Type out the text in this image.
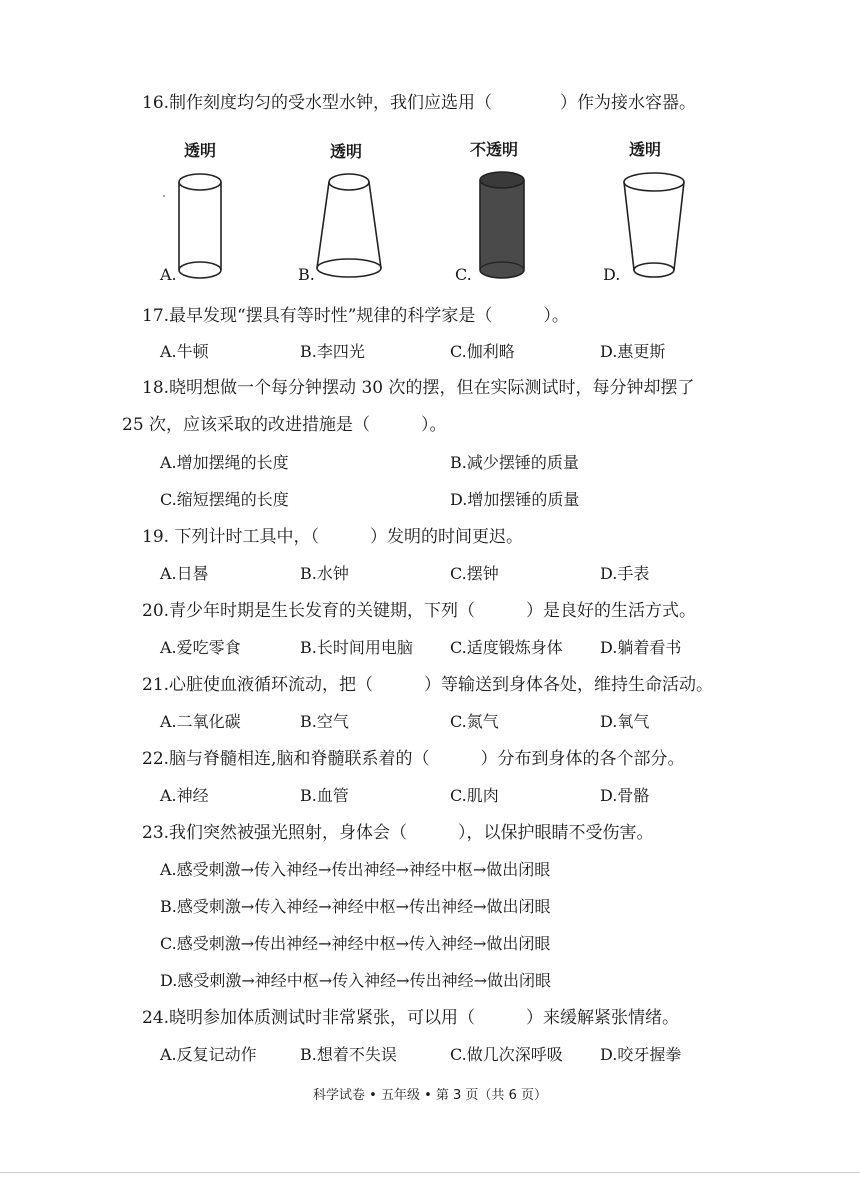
16.制作刻度均匀的受水型水钟，我们应选用（　　　　）作为接水容器。
透明	透明	不透明	透明
A.	B.	C.	D.
17.最早发现“摆具有等时性”规律的科学家是（　　　）。
A.牛顿	B.李四光	C.伽利略	D.惠更斯
18.晓明想做一个每分钟摆动 30 次的摆，但在实际测试时，每分钟却摆了
25 次，应该采取的改进措施是（　　　）。
A.增加摆绳的长度	B.减少摆锤的质量
C.缩短摆绳的长度	D.增加摆锤的质量
19. 下列计时工具中，（　　　）发明的时间更迟。
A.日晷	B.水钟	C.摆钟	D.手表
20.青少年时期是生长发育的关键期，下列（　　　）是良好的生活方式。
A.爱吃零食	B.长时间用电脑 C.适度锻炼身体 D.躺着看书
21.心脏使血液循环流动，把（　　　）等输送到身体各处，维持生命活动。
A.二氧化碳	B.空气	C.氮气	D.氧气
22.脑与脊髓相连,脑和脊髓联系着的（　　　）分布到身体的各个部分。
A.神经	B.血管	C.肌肉	D.骨骼
23.我们突然被强光照射，身体会（　　　），以保护眼睛不受伤害。
A.感受刺激→传入神经→传出神经→神经中枢→做出闭眼
B.感受刺激→传入神经→神经中枢→传出神经→做出闭眼
C.感受刺激→传出神经→神经中枢→传入神经→做出闭眼
D.感受刺激→神经中枢→传入神经→传出神经→做出闭眼
24.晓明参加体质测试时非常紧张，可以用（　　　）来缓解紧张情绪。
A.反复记动作	B.想着不失误	C.做几次深呼吸 D.咬牙握拳
科学试卷 • 五年级 • 第 3 页（共 6 页）
